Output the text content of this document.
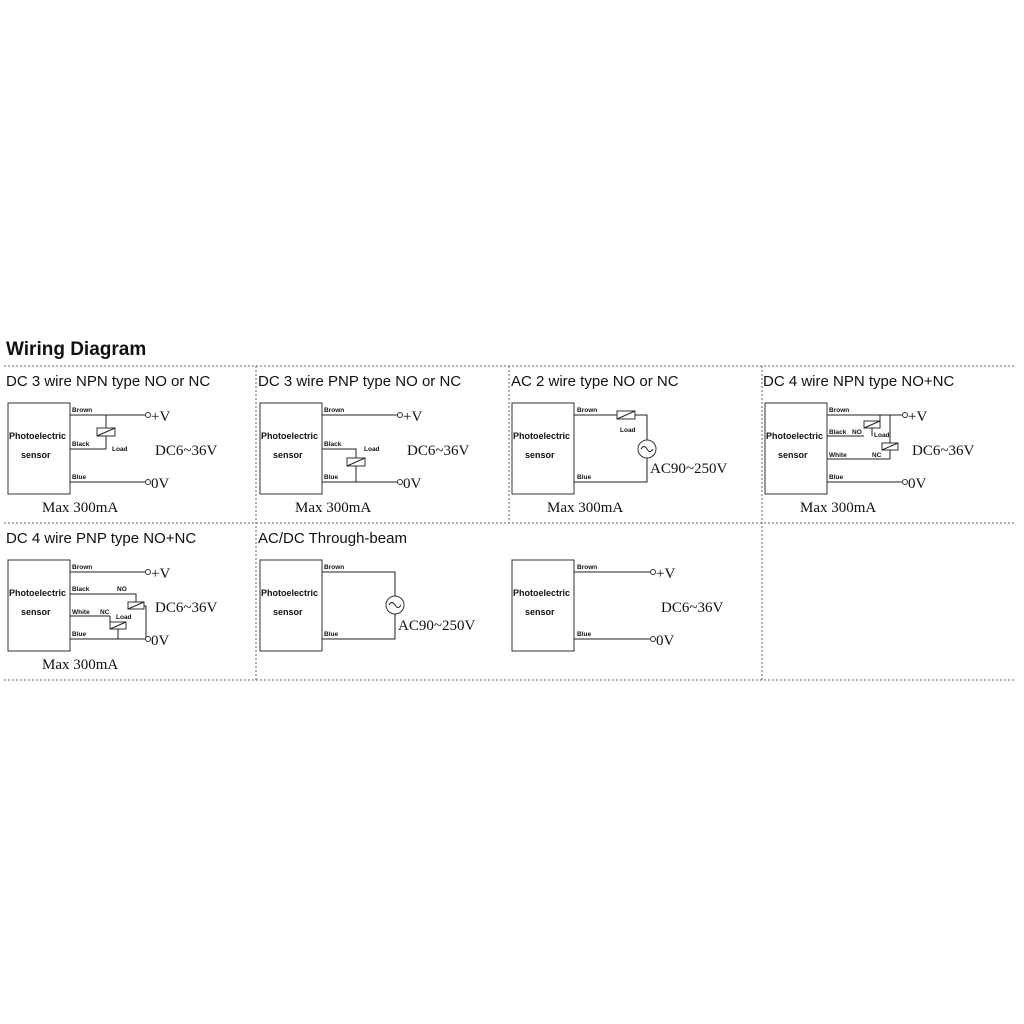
Wiring Diagram
DC 3 wire NPN type NO or NC
Photoelectric
sensor
Brown
Black
Blue
Load
+V
0V
DC6~36V
Max 300mA
DC 3 wire PNP type NO or NC
Photoelectric
sensor
Brown
Black
Blue
Load
+V
0V
DC6~36V
Max 300mA
AC 2 wire type NO or NC
Photoelectric
sensor
Brown
Blue
Load
AC90~250V
Max 300mA
DC 4 wire NPN type NO+NC
Photoelectric
sensor
Brown
Black NO Load
White	NC
Blue
+V
0V
DC6~36V
Max 300mA
DC 4 wire PNP type NO+NC
Photoelectric
sensor
Brown
Black	NO
White NC
Load
Blue
+V
0V
DC6~36V
Max 300mA
AC/DC Through-beam
Photoelectric
sensor
Brown
Blue
AC90~250V
Photoelectric
sensor
Brown
Blue
+V
0V
DC6~36V
